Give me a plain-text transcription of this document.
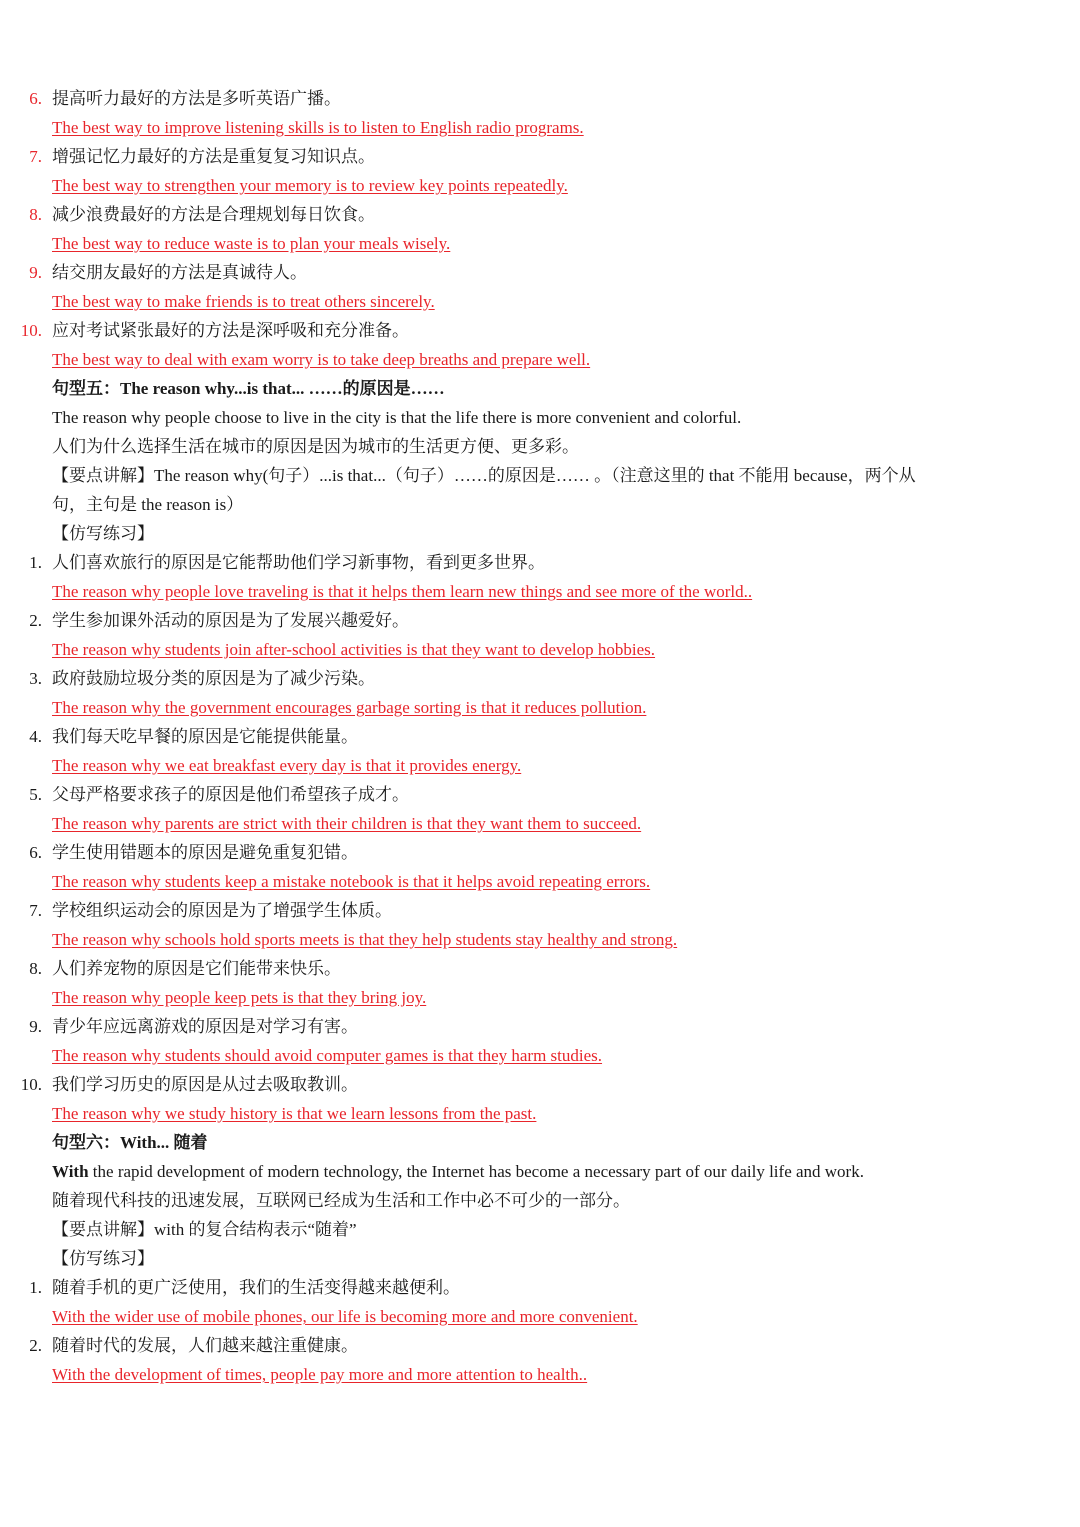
6. 提高听力最好的方法是多听英语广播。
The best way to improve listening skills is to listen to English radio programs.
7. 增强记忆力最好的方法是重复复习知识点。
The best way to strengthen your memory is to review key points repeatedly.
8. 减少浪费最好的方法是合理规划每日饮食。
The best way to reduce waste is to plan your meals wisely.
9. 结交朋友最好的方法是真诚待人。
The best way to make friends is to treat others sincerely.
10. 应对考试紧张最好的方法是深呼吸和充分准备。
The best way to deal with exam worry is to take deep breaths and prepare well.
句型五：The reason why...is that... ……的原因是……
The reason why people choose to live in the city is that the life there is more convenient and colorful.
人们为什么选择生活在城市的原因是因为城市的生活更方便、更多彩。
【要点讲解】The reason why(句子）...is that...（句子）……的原因是…… 。（注意这里的 that 不能用 because，两个从
句，主句是 the reason is）
【仿写练习】
1. 人们喜欢旅行的原因是它能帮助他们学习新事物，看到更多世界。
The reason why people love traveling is that it helps them learn new things and see more of the world..
2. 学生参加课外活动的原因是为了发展兴趣爱好。
The reason why students join after-school activities is that they want to develop hobbies.
3. 政府鼓励垃圾分类的原因是为了减少污染。
The reason why the government encourages garbage sorting is that it reduces pollution.
4. 我们每天吃早餐的原因是它能提供能量。
The reason why we eat breakfast every day is that it provides energy.
5. 父母严格要求孩子的原因是他们希望孩子成才。
The reason why parents are strict with their children is that they want them to succeed.
6. 学生使用错题本的原因是避免重复犯错。
The reason why students keep a mistake notebook is that it helps avoid repeating errors.
7. 学校组织运动会的原因是为了增强学生体质。
The reason why schools hold sports meets is that they help students stay healthy and strong.
8. 人们养宠物的原因是它们能带来快乐。
The reason why people keep pets is that they bring joy.
9. 青少年应远离游戏的原因是对学习有害。
The reason why students should avoid computer games is that they harm studies.
10. 我们学习历史的原因是从过去吸取教训。
The reason why we study history is that we learn lessons from the past.
句型六：With... 随着
With the rapid development of modern technology, the Internet has become a necessary part of our daily life and work.
随着现代科技的迅速发展，互联网已经成为生活和工作中必不可少的一部分。
【要点讲解】with 的复合结构表示“随着”
【仿写练习】
1. 随着手机的更广泛使用，我们的生活变得越来越便利。
With the wider use of mobile phones, our life is becoming more and more convenient.
2. 随着时代的发展，人们越来越注重健康。
With the development of times, people pay more and more attention to health..
